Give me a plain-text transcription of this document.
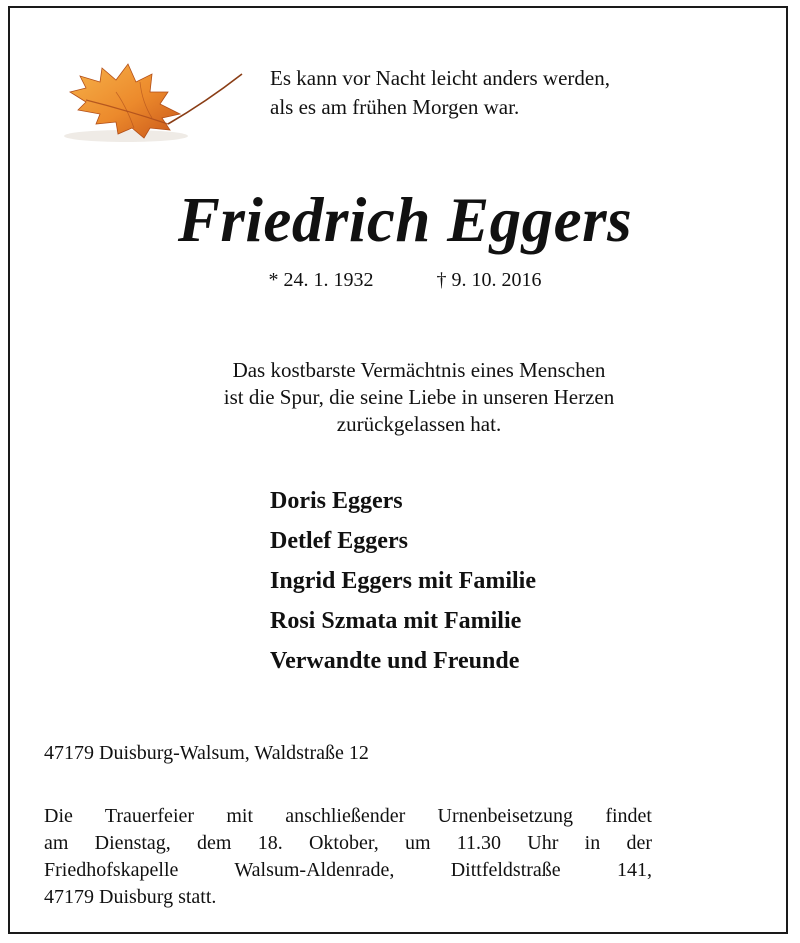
Es kann vor Nacht leicht anders werden,
als es am frühen Morgen war.

Friedrich Eggers
* 24. 1. 1932	† 9. 10. 2016
Das kostbarste Vermächtnis eines Menschen
ist die Spur, die seine Liebe in unseren Herzen
zurückgelassen hat.
Doris Eggers
Detlef Eggers
Ingrid Eggers mit Familie
Rosi Szmata mit Familie
Verwandte und Freunde
47179 Duisburg-Walsum, Waldstraße 12
Die Trauerfeier mit anschließender Urnenbeisetzung findet
am Dienstag, dem 18. Oktober, um 11.30 Uhr in der
Friedhofskapelle Walsum-Aldenrade, Dittfeldstraße 141,
47179 Duisburg statt.
